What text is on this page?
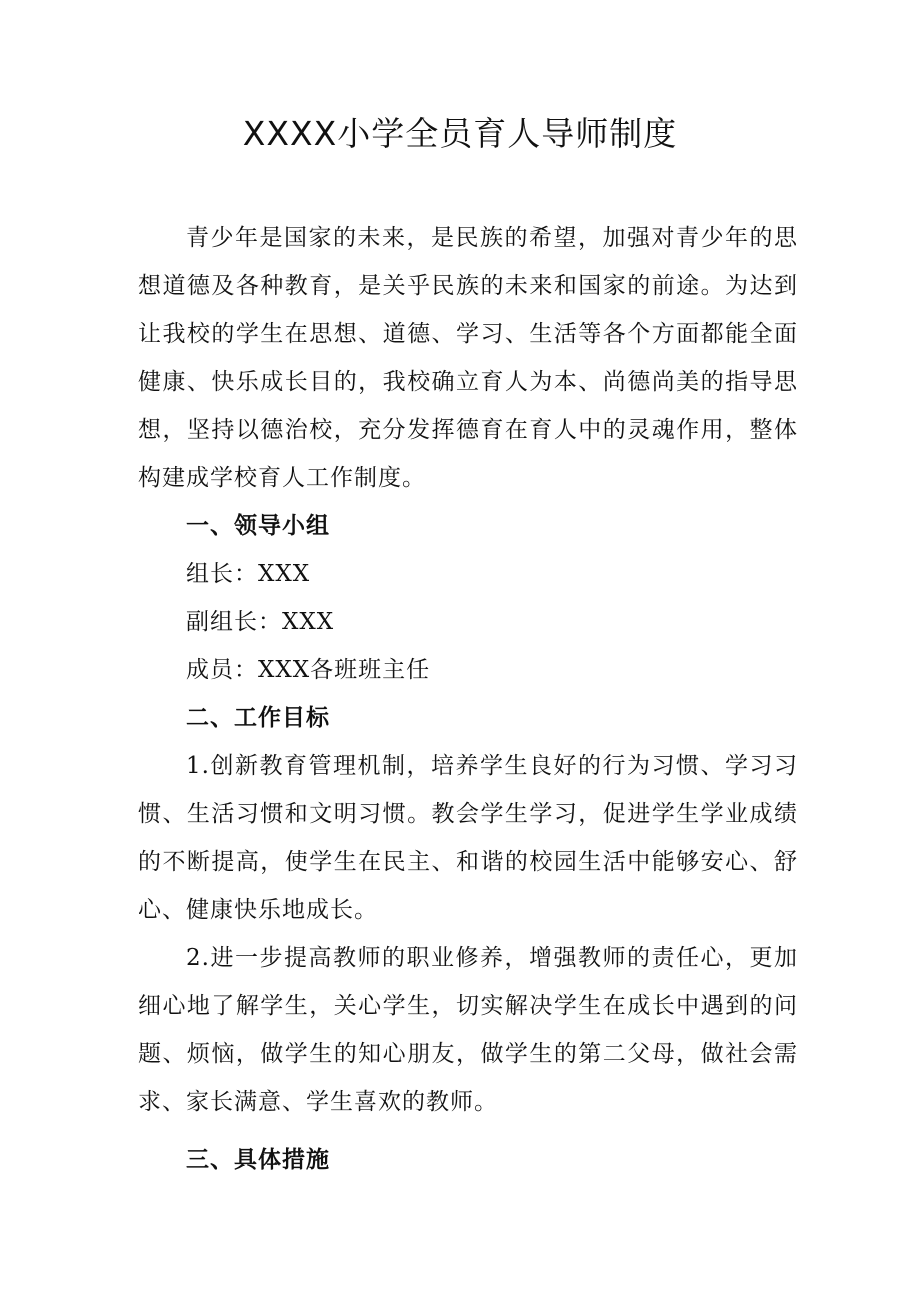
XXXX小学全员育人导师制度

青少年是国家的未来，是民族的希望，加强对青少年的思想道德及各种教育，是关乎民族的未来和国家的前途。为达到让我校的学生在思想、道德、学习、生活等各个方面都能全面健康、快乐成长目的，我校确立育人为本、尚德尚美的指导思想，坚持以德治校，充分发挥德育在育人中的灵魂作用，整体构建成学校育人工作制度。

一、领导小组
组长：XXX
副组长：XXX
成员：XXX各班班主任
二、工作目标

1.创新教育管理机制，培养学生良好的行为习惯、学习习惯、生活习惯和文明习惯。教会学生学习，促进学生学业成绩的不断提高，使学生在民主、和谐的校园生活中能够安心、舒心、健康快乐地成长。

2.进一步提高教师的职业修养，增强教师的责任心，更加细心地了解学生，关心学生，切实解决学生在成长中遇到的问题、烦恼，做学生的知心朋友，做学生的第二父母，做社会需求、家长满意、学生喜欢的教师。

三、具体措施
